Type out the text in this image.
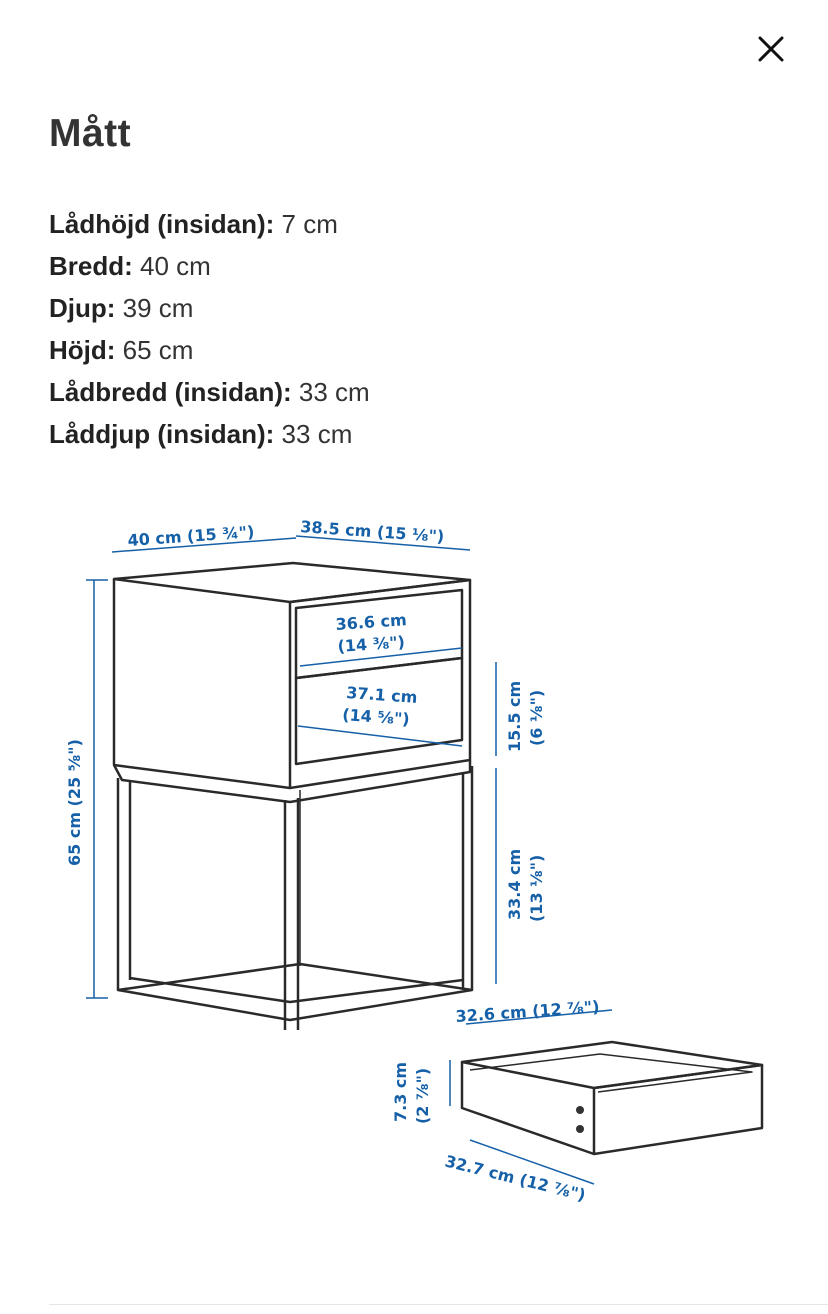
Mått
Lådhöjd (insidan): 7 cm
Bredd: 40 cm
Djup: 39 cm
Höjd: 65 cm
Lådbredd (insidan): 33 cm
Låddjup (insidan): 33 cm
40 cm (15 ¾")	38.5 cm (15 ⅛")
36.6 cm
(14 ⅜")
37.1 cm
(14 ⅝")
65 cm (25 ⅝")
15.5 cm (6 ⅛")
33.4 cm (13 ⅛")
32.6 cm (12 ⅞")
7.3 cm (2 ⅞")
32.7 cm (12 ⅞")
